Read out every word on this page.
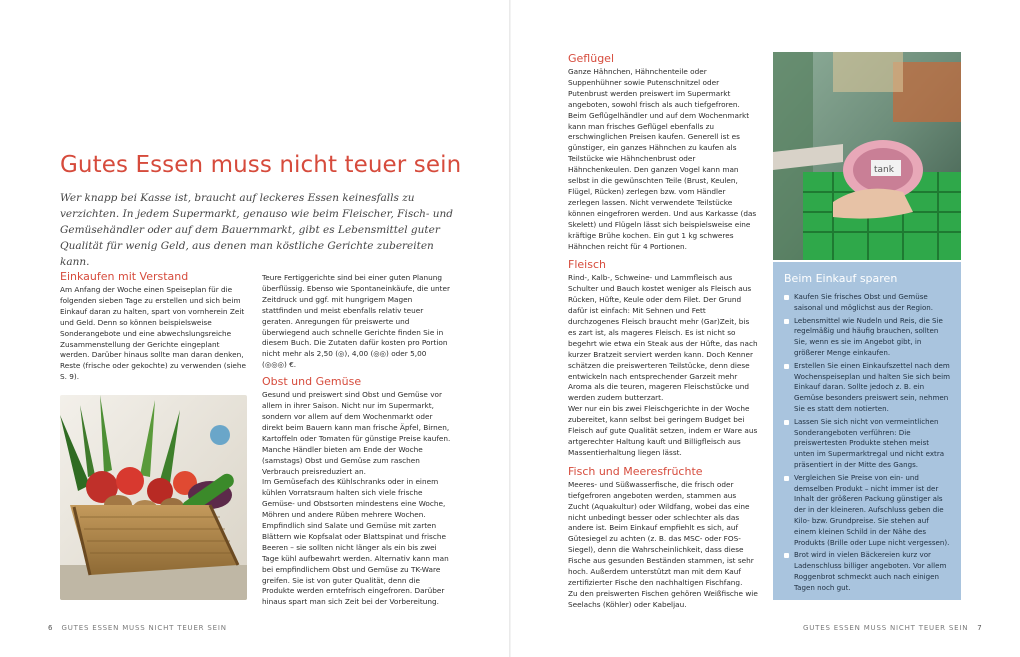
Gutes Essen muss nicht teuer sein

Wer knapp bei Kasse ist, braucht auf leckeres Essen keinesfalls zu verzichten. In jedem Supermarkt, genauso wie beim Fleischer, Fisch- und Gemüsehändler oder auf dem Bauernmarkt, gibt es Lebensmittel guter Qualität für wenig Geld, aus denen man köstliche Gerichte zubereiten kann.

Einkaufen mit Verstand

Am Anfang der Woche einen Speiseplan für die folgenden sieben Tage zu erstellen und sich beim Einkauf daran zu halten, spart von vornherein Zeit und Geld. Denn so können beispielsweise Sonderangebote und eine abwechslungsreiche Zusammenstellung der Gerichte eingeplant werden. Darüber hinaus sollte man daran denken, Reste (frische oder gekochte) zu verwenden (siehe S. 9).

Teure Fertiggerichte sind bei einer guten Planung überflüssig. Ebenso wie Spontaneinkäufe, die unter Zeitdruck und ggf. mit hungrigem Magen stattfinden und meist ebenfalls relativ teuer geraten. Anregungen für preiswerte und überwiegend auch schnelle Gerichte finden Sie in diesem Buch. Die Zutaten dafür kosten pro Portion nicht mehr als 2,50 (◎), 4,00 (◎◎) oder 5,00 (◎◎◎) €.

Obst und Gemüse

Gesund und preiswert sind Obst und Gemüse vor allem in ihrer Saison. Nicht nur im Supermarkt, sondern vor allem auf dem Wochenmarkt oder direkt beim Bauern kann man frische Äpfel, Birnen, Kartoffeln oder Tomaten für günstige Preise kaufen. Manche Händler bieten am Ende der Woche (samstags) Obst und Gemüse zum raschen Verbrauch preisreduziert an.

Im Gemüsefach des Kühlschranks oder in einem kühlen Vorratsraum halten sich viele frische Gemüse- und Obstsorten mindestens eine Woche, Möhren und andere Rüben mehrere Wochen. Empfindlich sind Salate und Gemüse mit zarten Blättern wie Kopfsalat oder Blattspinat und frische Beeren – sie sollten nicht länger als ein bis zwei Tage kühl aufbewahrt werden. Alternativ kann man bei empfindlichem Obst und Gemüse zu TK-Ware greifen. Sie ist von guter Qualität, denn die Produkte werden erntefrisch eingefroren. Darüber hinaus spart man sich Zeit bei der Vorbereitung.

Geflügel

Ganze Hähnchen, Hähnchenteile oder Suppenhühner sowie Putenschnitzel oder Putenbrust werden preiswert im Supermarkt angeboten, sowohl frisch als auch tiefgefroren. Beim Geflügelhändler und auf dem Wochenmarkt kann man frisches Geflügel ebenfalls zu erschwinglichen Preisen kaufen. Generell ist es günstiger, ein ganzes Hähnchen zu kaufen als Teilstücke wie Hähnchenbrust oder Hähnchenkeulen. Den ganzen Vogel kann man selbst in die gewünschten Teile (Brust, Keulen, Flügel, Rücken) zerlegen bzw. vom Händler zerlegen lassen. Nicht verwendete Teilstücke können eingefroren werden. Und aus Karkasse (das Skelett) und Flügeln lässt sich beispielsweise eine kräftige Brühe kochen. Ein gut 1 kg schweres Hähnchen reicht für 4 Portionen.

Fleisch

Rind-, Kalb-, Schweine- und Lammfleisch aus Schulter und Bauch kostet weniger als Fleisch aus Rücken, Hüfte, Keule oder dem Filet. Der Grund dafür ist einfach: Mit Sehnen und Fett durchzogenes Fleisch braucht mehr (Gar)Zeit, bis es zart ist, als mageres Fleisch. Es ist nicht so begehrt wie etwa ein Steak aus der Hüfte, das nach kurzer Bratzeit serviert werden kann. Doch Kenner schätzen die preiswerteren Teilstücke, denn diese entwickeln nach entsprechender Garzeit mehr Aroma als die teuren, mageren Fleischstücke und werden zudem butterzart.

Wer nur ein bis zwei Fleischgerichte in der Woche zubereitet, kann selbst bei geringem Budget bei Fleisch auf gute Qualität setzen, indem er Ware aus artgerechter Haltung kauft und Billigfleisch aus Massentierhaltung liegen lässt.

Fisch und Meeresfrüchte

Meeres- und Süßwasserfische, die frisch oder tiefgefroren angeboten werden, stammen aus Zucht (Aquakultur) oder Wildfang, wobei das eine nicht unbedingt besser oder schlechter als das andere ist. Beim Einkauf empfiehlt es sich, auf Gütesiegel zu achten (z. B. das MSC- oder FOS-Siegel), denn die Wahrscheinlichkeit, dass diese Fische aus gesunden Beständen stammen, ist sehr hoch. Außerdem unterstützt man mit dem Kauf zertifizierter Fische den nachhaltigen Fischfang.

Zu den preiswerten Fischen gehören Weißfische wie Seelachs (Köhler) oder Kabeljau.

tank
Beim Einkauf sparen
Kaufen Sie frisches Obst und Gemüse saisonal und möglichst aus der Region.
Lebensmittel wie Nudeln und Reis, die Sie regelmäßig und häufig brauchen, sollten Sie, wenn es sie im Angebot gibt, in größerer Menge einkaufen.
Erstellen Sie einen Einkaufszettel nach dem Wochenspeiseplan und halten Sie sich beim Einkauf daran. Sollte jedoch z. B. ein Gemüse besonders preiswert sein, nehmen Sie es statt dem notierten.
Lassen Sie sich nicht von vermeintlichen Sonderangeboten verführen: Die preiswertesten Produkte stehen meist unten im Supermarktregal und nicht extra präsentiert in der Mitte des Gangs.
Vergleichen Sie Preise von ein- und demselben Produkt – nicht immer ist der Inhalt der größeren Packung günstiger als der in der kleineren. Aufschluss geben die Kilo- bzw. Grundpreise. Sie stehen auf einem kleinen Schild in der Nähe des Produkts (Brille oder Lupe nicht vergessen).
Brot wird in vielen Bäckereien kurz vor Ladenschluss billiger angeboten. Vor allem Roggenbrot schmeckt auch nach einigen Tagen noch gut.
6 GUTES ESSEN MUSS NICHT TEUER SEIN	GUTES ESSEN MUSS NICHT TEUER SEIN 7
